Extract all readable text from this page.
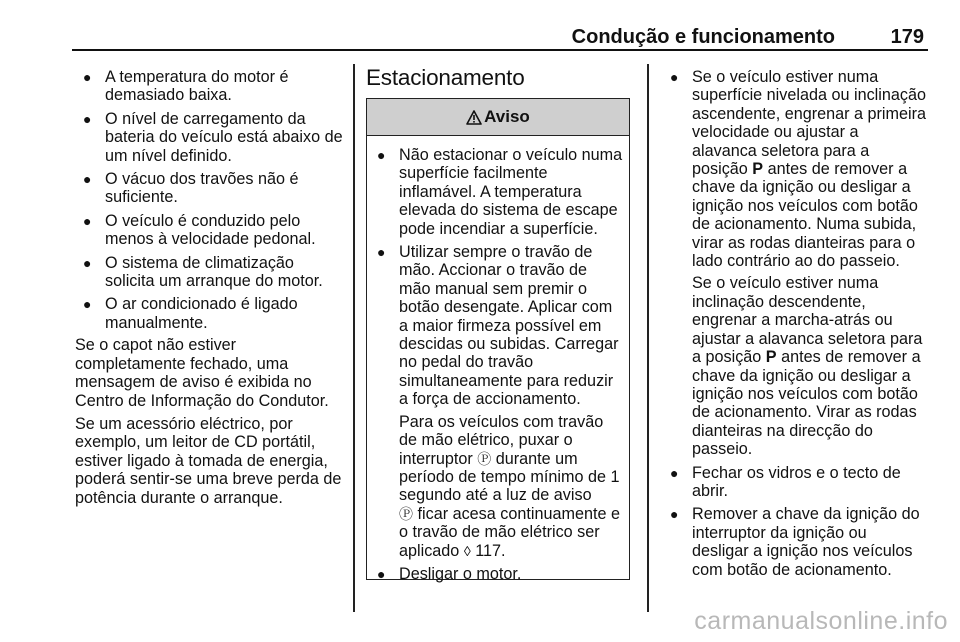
Condução e funcionamento	179
● A temperatura do motor é demasiado baixa.
● O nível de carregamento da bateria do veículo está abaixo de um nível definido.
● O vácuo dos travões não é suficiente.
● O veículo é conduzido pelo menos à velocidade pedonal.
● O sistema de climatização solicita um arranque do motor.
● O ar condicionado é ligado manualmente.

Se o capot não estiver completamente fechado, uma mensagem de aviso é exibida no Centro de Informação do Condutor.

Se um acessório eléctrico, por exemplo, um leitor de CD portátil, estiver ligado à tomada de energia, poderá sentir-se uma breve perda de potência durante o arranque.

Estacionamento
Aviso
● Não estacionar o veículo numa superfície facilmente inflamável. A temperatura elevada do sistema de escape pode incendiar a superfície.
● Utilizar sempre o travão de mão. Accionar o travão de mão manual sem premir o botão desengate. Aplicar com a maior firmeza possível em descidas ou subidas. Carregar no pedal do travão simultaneamente para reduzir a força de accionamento.

Para os veículos com travão de mão elétrico, puxar o interruptor Ⓟ durante um período de tempo mínimo de 1 segundo até a luz de aviso
Ⓟ ficar acesa continuamente e o travão de mão elétrico ser aplicado ◊ 117.

● Desligar o motor.
● Se o veículo estiver numa superfície nivelada ou inclinação ascendente, engrenar a primeira velocidade ou ajustar a alavanca seletora para a posição P antes de remover a chave da ignição ou desligar a ignição nos veículos com botão de acionamento. Numa subida, virar as rodas dianteiras para o lado contrário ao do passeio.

Se o veículo estiver numa inclinação descendente, engrenar a marcha-atrás ou ajustar a alavanca seletora para a posição P antes de remover a chave da ignição ou desligar a ignição nos veículos com botão de acionamento. Virar as rodas dianteiras na direcção do passeio.

● Fechar os vidros e o tecto de abrir.
● Remover a chave da ignição do interruptor da ignição ou desligar a ignição nos veículos com botão de acionamento.
carmanualsonline.info
